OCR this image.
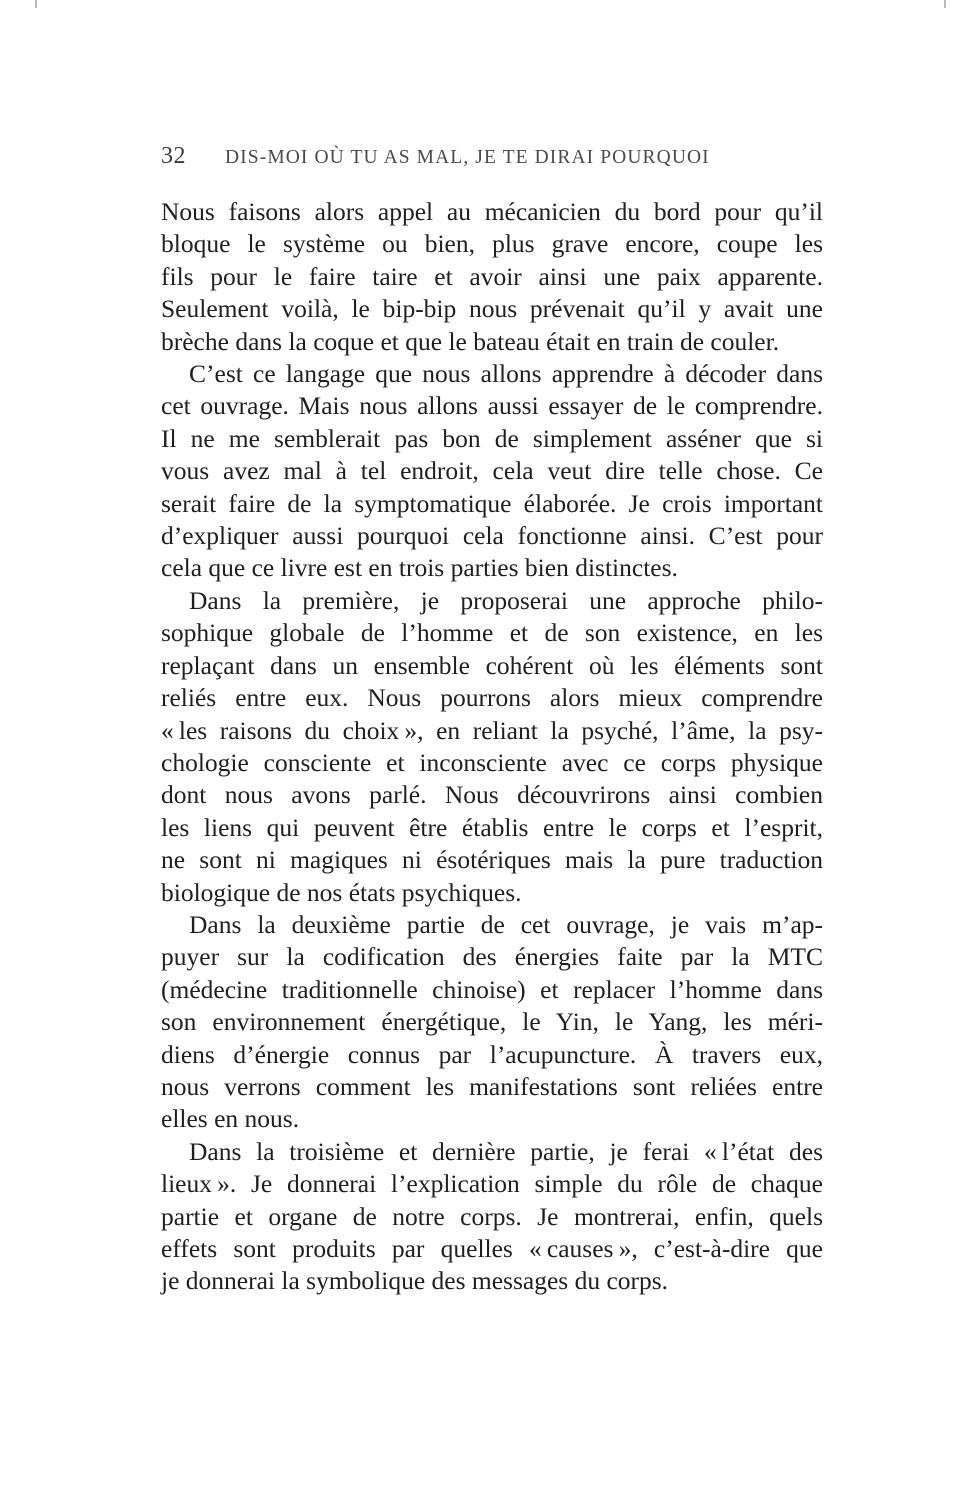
32 DIS-MOI OÙ TU AS MAL, JE TE DIRAI POURQUOI
Nous faisons alors appel au mécanicien du bord pour qu’il
bloque le système ou bien, plus grave encore, coupe les
fils pour le faire taire et avoir ainsi une paix apparente.
Seulement voilà, le bip-bip nous prévenait qu’il y avait une
brèche dans la coque et que le bateau était en train de couler.
C’est ce langage que nous allons apprendre à décoder dans
cet ouvrage. Mais nous allons aussi essayer de le comprendre.
Il ne me semblerait pas bon de simplement asséner que si
vous avez mal à tel endroit, cela veut dire telle chose. Ce
serait faire de la symptomatique élaborée. Je crois important
d’expliquer aussi pourquoi cela fonctionne ainsi. C’est pour
cela que ce livre est en trois parties bien distinctes.
Dans la première, je proposerai une approche philo-
sophique globale de l’homme et de son existence, en les
replaçant dans un ensemble cohérent où les éléments sont
reliés entre eux. Nous pourrons alors mieux comprendre
« les raisons du choix », en reliant la psyché, l’âme, la psy-
chologie consciente et inconsciente avec ce corps physique
dont nous avons parlé. Nous découvrirons ainsi combien
les liens qui peuvent être établis entre le corps et l’esprit,
ne sont ni magiques ni ésotériques mais la pure traduction
biologique de nos états psychiques.
Dans la deuxième partie de cet ouvrage, je vais m’ap-
puyer sur la codification des énergies faite par la MTC
(médecine traditionnelle chinoise) et replacer l’homme dans
son environnement énergétique, le Yin, le Yang, les méri-
diens d’énergie connus par l’acupuncture. À travers eux,
nous verrons comment les manifestations sont reliées entre
elles en nous.
Dans la troisième et dernière partie, je ferai « l’état des
lieux ». Je donnerai l’explication simple du rôle de chaque
partie et organe de notre corps. Je montrerai, enfin, quels
effets sont produits par quelles « causes », c’est-à-dire que
je donnerai la symbolique des messages du corps.
